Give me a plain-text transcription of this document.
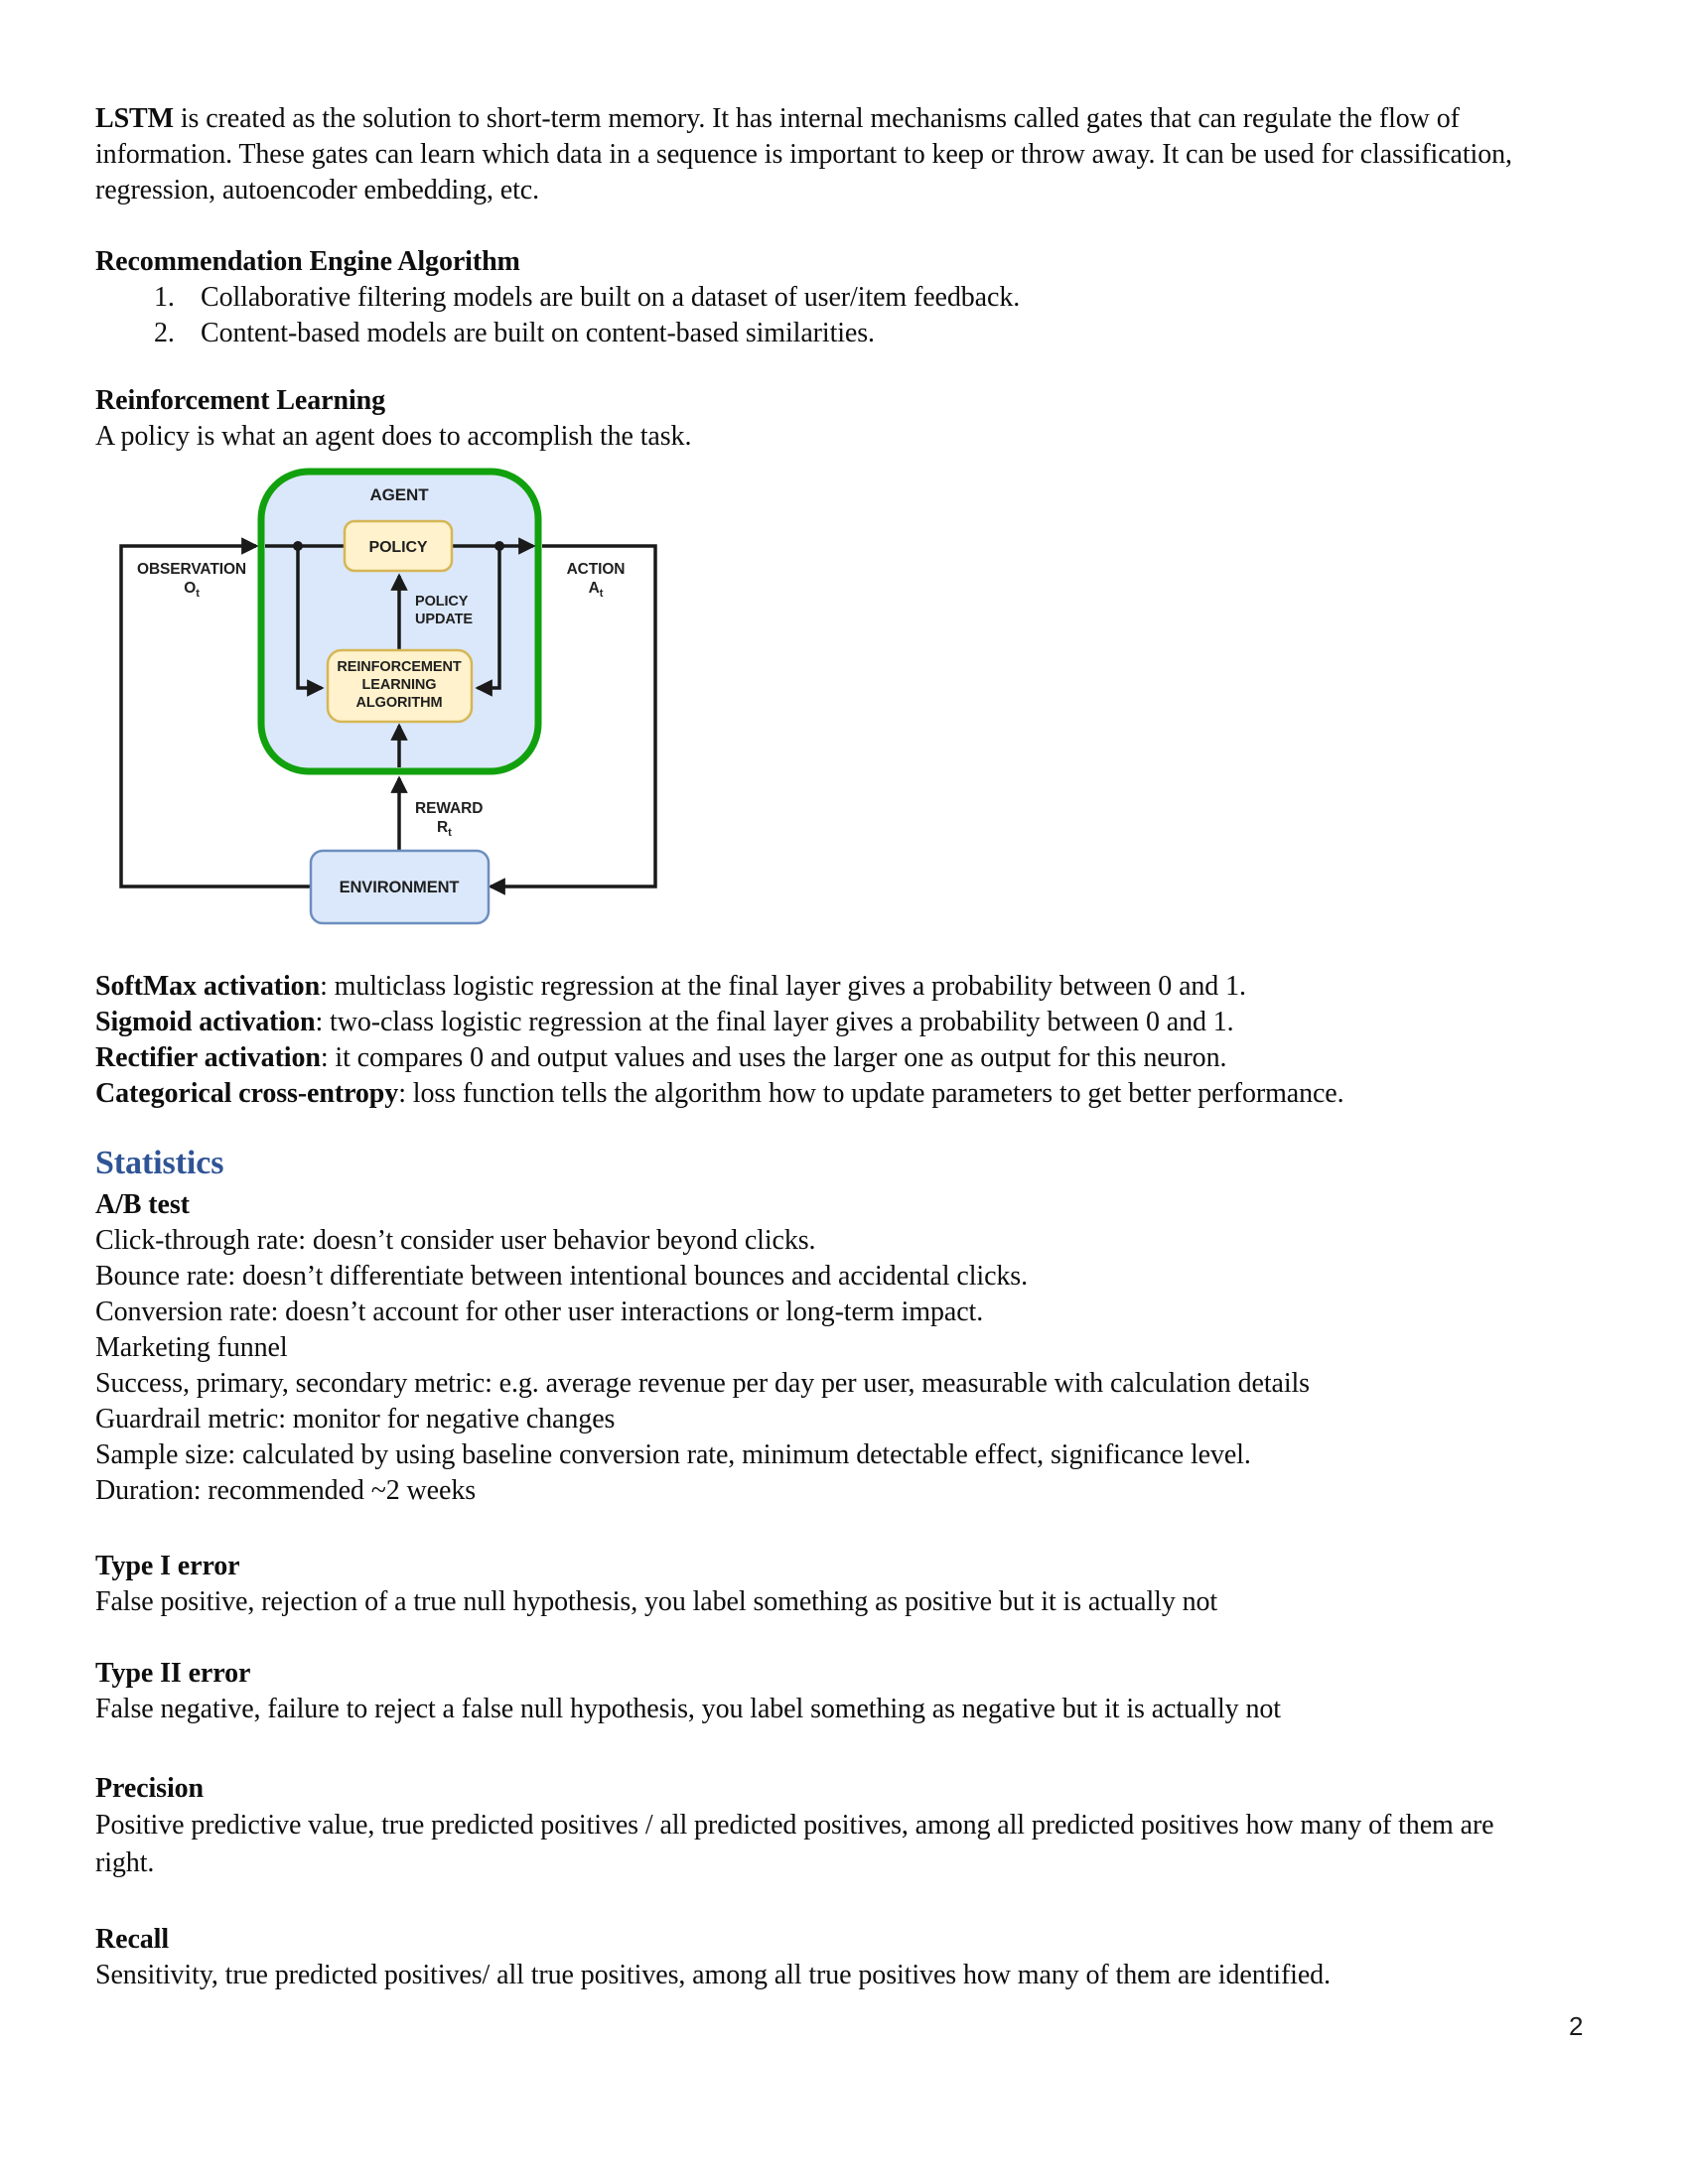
LSTM is created as the solution to short-term memory. It has internal mechanisms called gates that can regulate the flow of information. These gates can learn which data in a sequence is important to keep or throw away. It can be used for classification, regression, autoencoder embedding, etc.

Recommendation Engine Algorithm

1. Collaborative filtering models are built on a dataset of user/item feedback.
2. Content-based models are built on content-based similarities.

Reinforcement Learning

A policy is what an agent does to accomplish the task.

AGENT
POLICY
POLICY
UPDATE
REINFORCEMENT
LEARNING
ALGORITHM
ENVIRONMENT
OBSERVATION
$O_t$
ACTION
$A_t$
REWARD
$R_t$

SoftMax activation: multiclass logistic regression at the final layer gives a probability between 0 and 1.

Sigmoid activation: two-class logistic regression at the final layer gives a probability between 0 and 1.

Rectifier activation: it compares 0 and output values and uses the larger one as output for this neuron.

Categorical cross-entropy: loss function tells the algorithm how to update parameters to get better performance.

Statistics

A/B test

Click-through rate: doesn’t consider user behavior beyond clicks.

Bounce rate: doesn’t differentiate between intentional bounces and accidental clicks.

Conversion rate: doesn’t account for other user interactions or long-term impact.

Marketing funnel

Success, primary, secondary metric: e.g. average revenue per day per user, measurable with calculation details

Guardrail metric: monitor for negative changes

Sample size: calculated by using baseline conversion rate, minimum detectable effect, significance level.

Duration: recommended ~2 weeks

Type I error

False positive, rejection of a true null hypothesis, you label something as positive but it is actually not

Type II error

False negative, failure to reject a false null hypothesis, you label something as negative but it is actually not

Precision

Positive predictive value, true predicted positives / all predicted positives, among all predicted positives how many of them are right.

Recall

Sensitivity, true predicted positives/ all true positives, among all true positives how many of them are identified.

2
